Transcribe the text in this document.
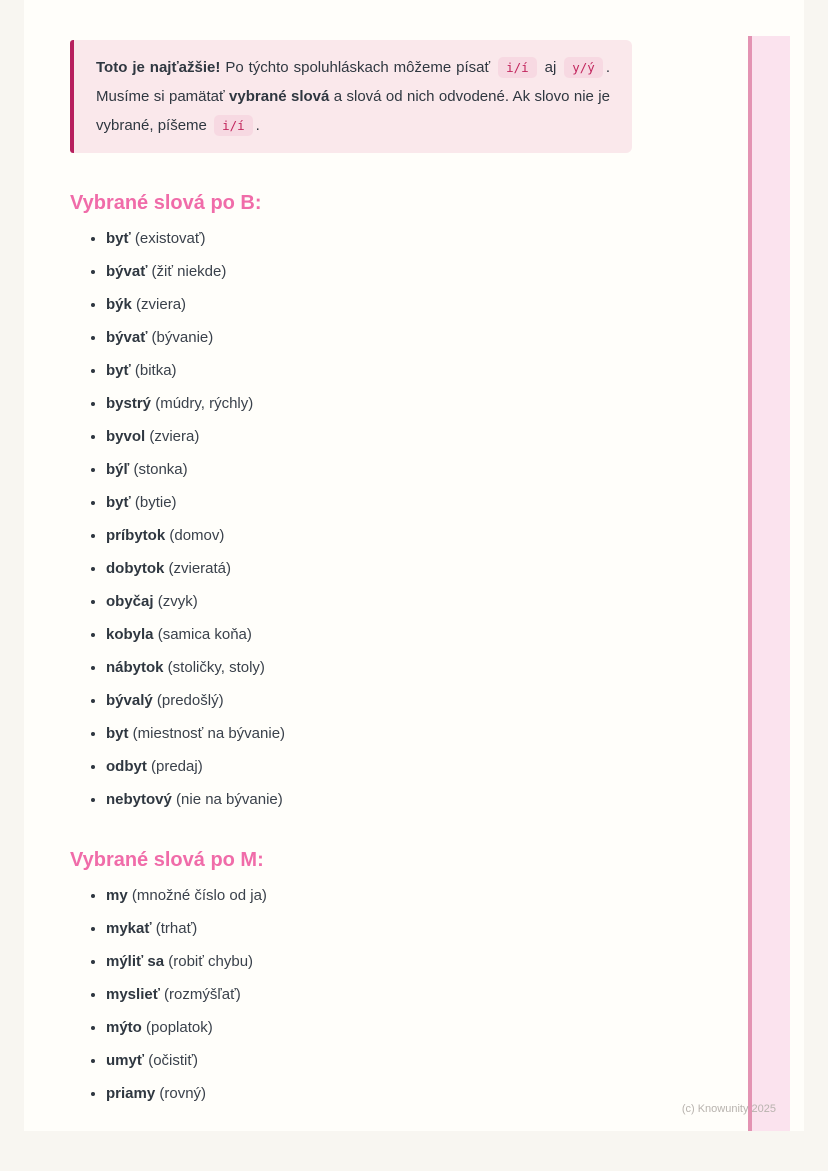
Toto je najťažšie! Po týchto spoluhláskach môžeme písať i/í aj y/ý . Musíme si pamätať vybrané slová a slová od nich odvodené. Ak slovo nie je vybrané, píšeme i/í .

Vybrané slová po B:
• byť (existovať)
• bývať (žiť niekde)
• býk (zviera)
• bývať (bývanie)
• byť (bitka)
• bystrý (múdry, rýchly)
• byvol (zviera)
• býľ (stonka)
• byť (bytie)
• príbytok (domov)
• dobytok (zvieratá)
• obyčaj (zvyk)
• kobyla (samica koňa)
• nábytok (stoličky, stoly)
• bývalý (predošlý)
• byt (miestnosť na bývanie)
• odbyt (predaj)
• nebytový (nie na bývanie)
Vybrané slová po M:
• my (množné číslo od ja)
• mykať (trhať)
• mýliť sa (robiť chybu)
• myslieť (rozmýšľať)
• mýto (poplatok)
• umyť (očistiť)
• priamy (rovný)
(c) Knowunity 2025
